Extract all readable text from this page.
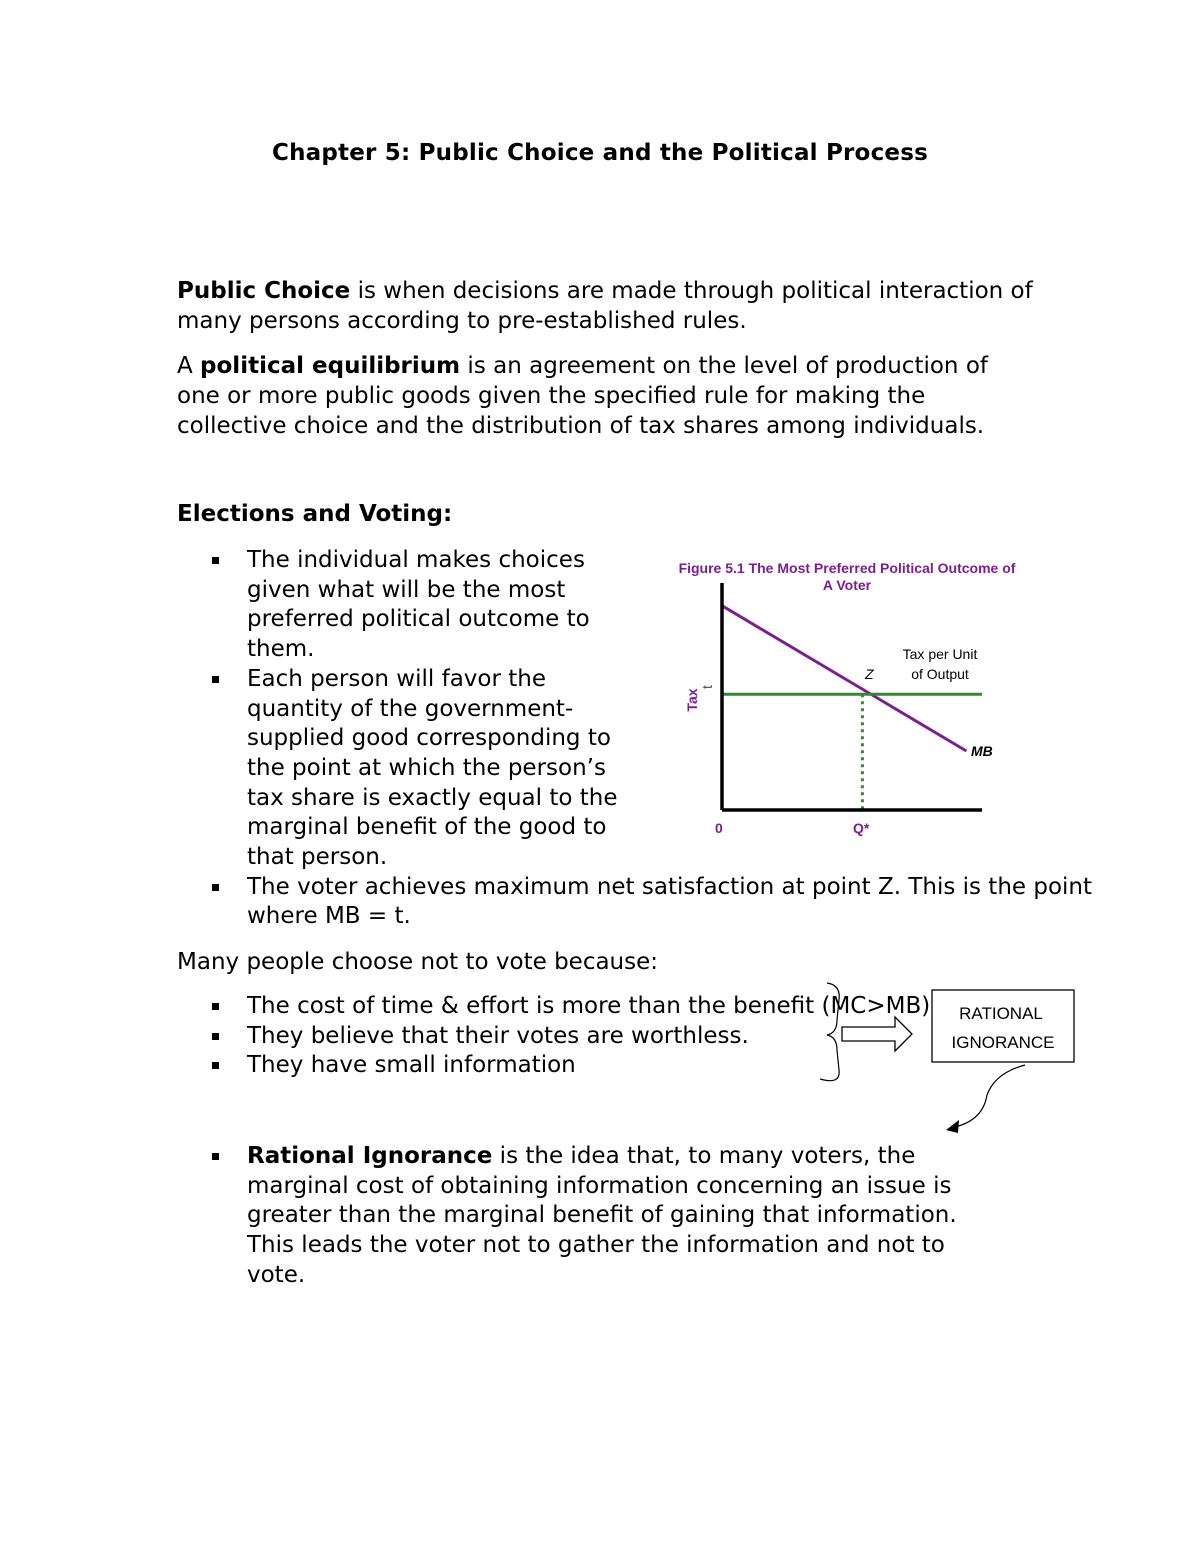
Chapter 5: Public Choice and the Political Process
Public Choice is when decisions are made through political interaction of many persons according to pre-established rules.
A political equilibrium is an agreement on the level of production of one or more public goods given the specified rule for making the collective choice and the distribution of tax shares among individuals.
Elections and Voting:
The individual makes choices given what will be the most preferred political outcome to them.
Each person will favor the quantity of the government-supplied good corresponding to the point at which the person’s tax share is exactly equal to the marginal benefit of the good to that person.
The voter achieves maximum net satisfaction at point Z. This is the point where MB = t.
Figure 5.1 The Most Preferred Political Outcome of
A Voter
Tax
t
0	Q*
Z
Tax per Unit
of Output
MB
Many people choose not to vote because:
The cost of time & effort is more than the benefit (MC>MB)
They believe that their votes are worthless.
They have small information
RATIONAL
IGNORANCE
Rational Ignorance is the idea that, to many voters, the marginal cost of obtaining information concerning an issue is greater than the marginal benefit of gaining that information. This leads the voter not to gather the information and not to vote.
